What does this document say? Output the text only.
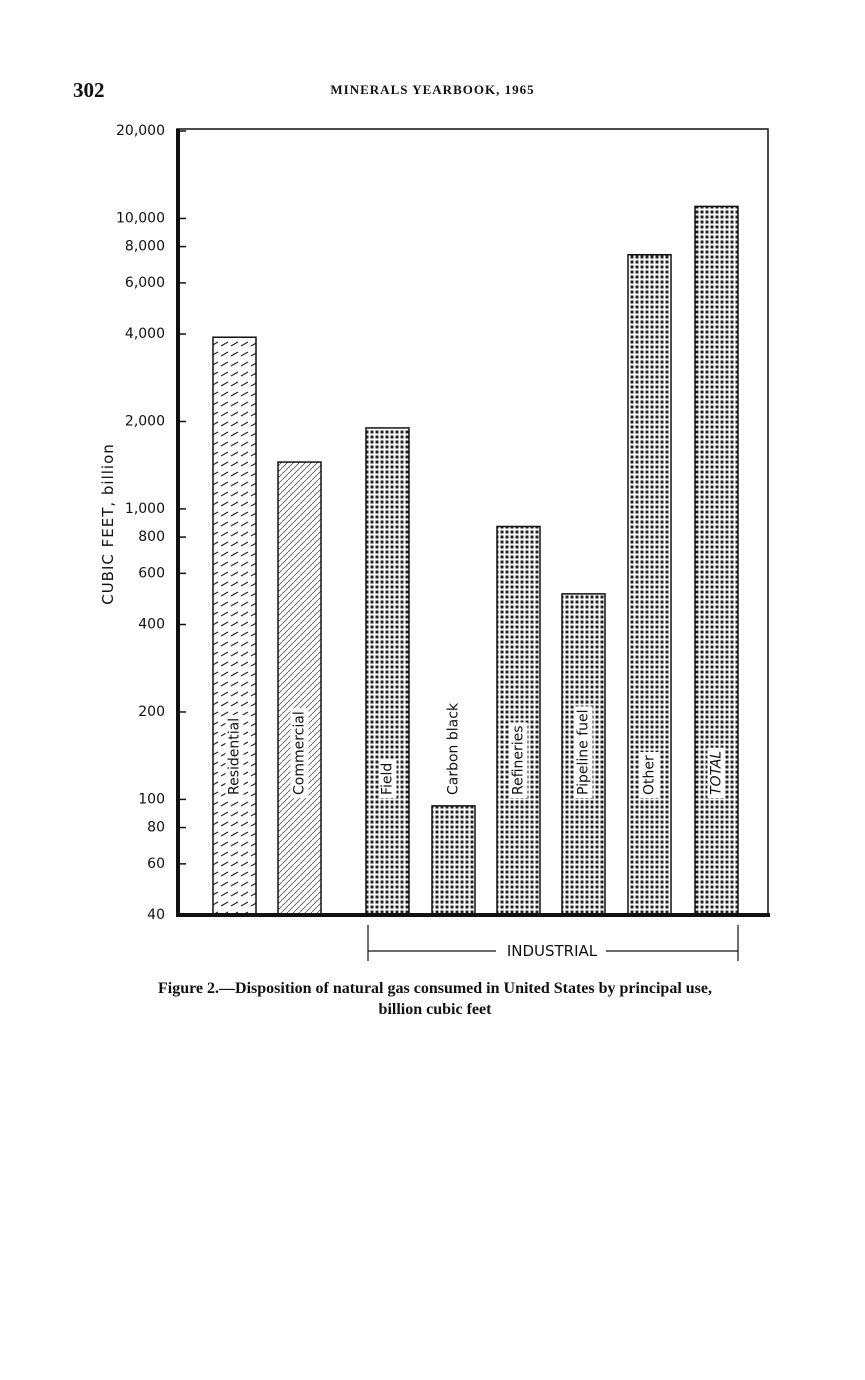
302	MINERALS YEARBOOK, 1965
40
60
80
100
200
400
600
800
1,000
2,000
4,000
6,000
8,000
10,000
20,000
Residential	Commercial	Field	Carbon black	Refineries	Pipeline fuel	Other	TOTAL
CUBIC FEET, billion
INDUSTRIAL
Figure 2.—Disposition of natural gas consumed in United States by principal use,
billion cubic feet
